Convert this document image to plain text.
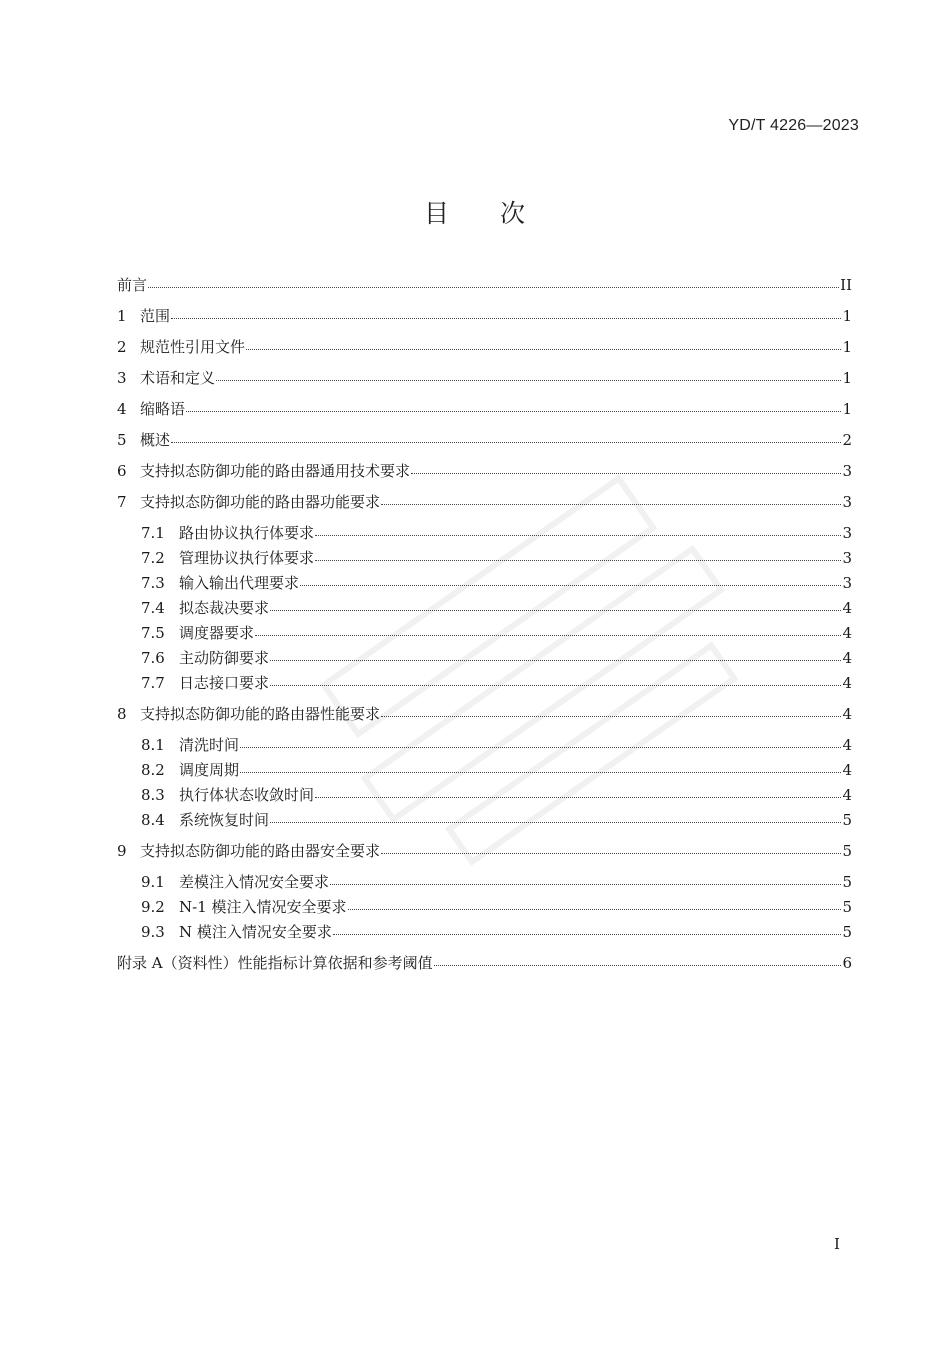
YD/T 4226—2023
目 次
前言	II
1 范围	1
2 规范性引用文件	1
3 术语和定义	1
4 缩略语	1
5 概述	2
6 支持拟态防御功能的路由器通用技术要求	3
7 支持拟态防御功能的路由器功能要求	3
7.1 路由协议执行体要求	3
7.2 管理协议执行体要求	3
7.3 输入输出代理要求	3
7.4 拟态裁决要求	4
7.5 调度器要求	4
7.6 主动防御要求	4
7.7 日志接口要求	4
8 支持拟态防御功能的路由器性能要求	4
8.1 清洗时间	4
8.2 调度周期	4
8.3 执行体状态收敛时间	4
8.4 系统恢复时间	5
9 支持拟态防御功能的路由器安全要求	5
9.1 差模注入情况安全要求	5
9.2 N-1 模注入情况安全要求	5
9.3 N 模注入情况安全要求	5
附录 A（资料性）性能指标计算依据和参考阈值	6
I
